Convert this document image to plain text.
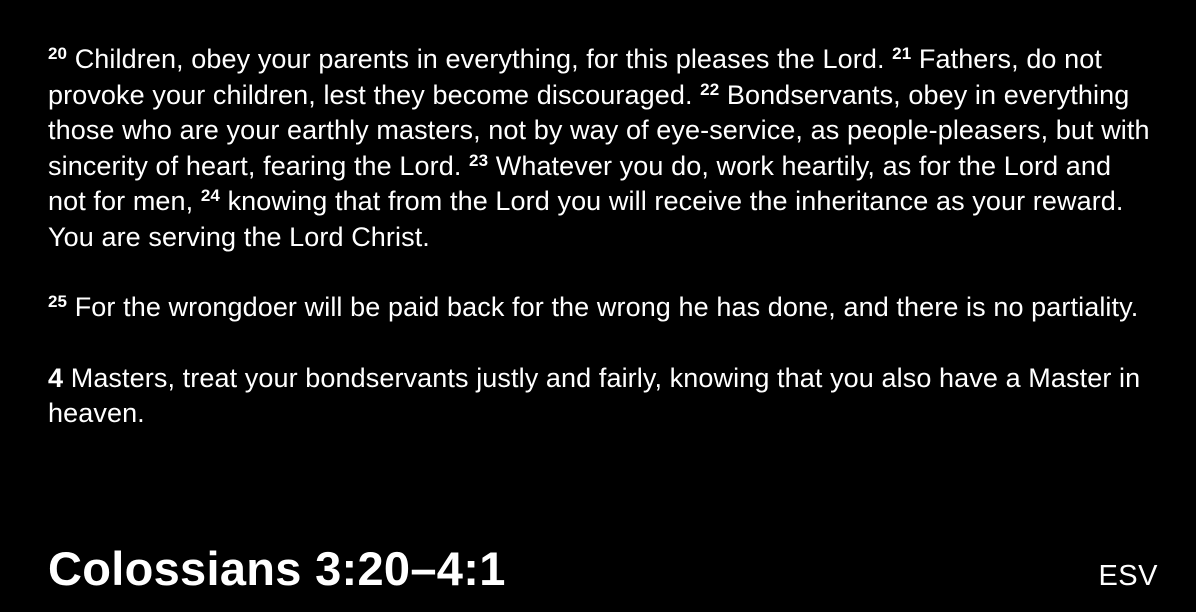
$^{20}$ Children, obey your parents in everything, for this pleases the Lord. $^{21}$ Fathers, do not provoke your children, lest they become discouraged. $^{22}$ Bondservants, obey in everything those who are your earthly masters, not by way of eye-service, as people-pleasers, but with sincerity of heart, fearing the Lord. $^{23}$ Whatever you do, work heartily, as for the Lord and not for men, $^{24}$ knowing that from the Lord you will receive the inheritance as your reward. You are serving the Lord Christ.

$^{25}$ For the wrongdoer will be paid back for the wrong he has done, and there is no partiality.

4 Masters, treat your bondservants justly and fairly, knowing that you also have a Master in heaven.

Colossians 3:20–4:1	ESV
